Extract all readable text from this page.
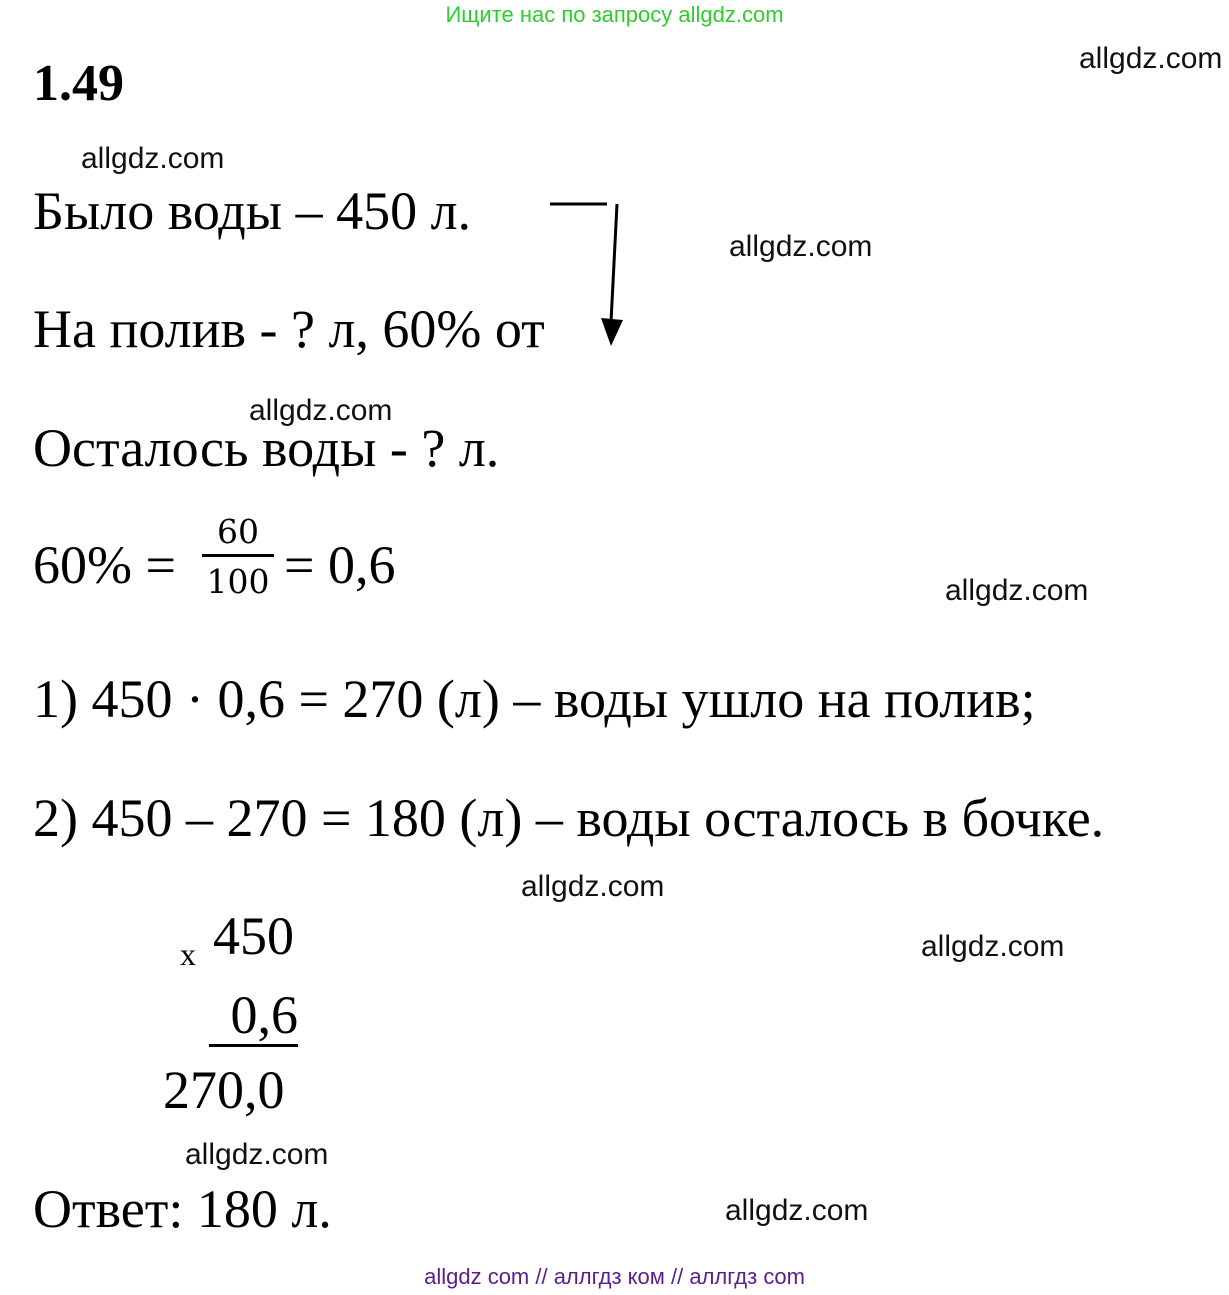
Ищите нас по запросу allgdz.com
allgdz.com
1.49
allgdz.com
Было воды – 450 л.
allgdz.com
На полив - ? л, 60% от
allgdz.com
Осталось воды - ? л.
60% =
60
100 = 0,6	allgdz.com
1) 450 · 0,6 = 270 (л) – воды ушло на полив;
2) 450 – 270 = 180 (л) – воды осталось в бочке.
allgdz.com
x 450	allgdz.com
0,6
270,0
allgdz.com
Ответ: 180 л.	allgdz.com
allgdz com // аллгдз ком // аллгдз com
